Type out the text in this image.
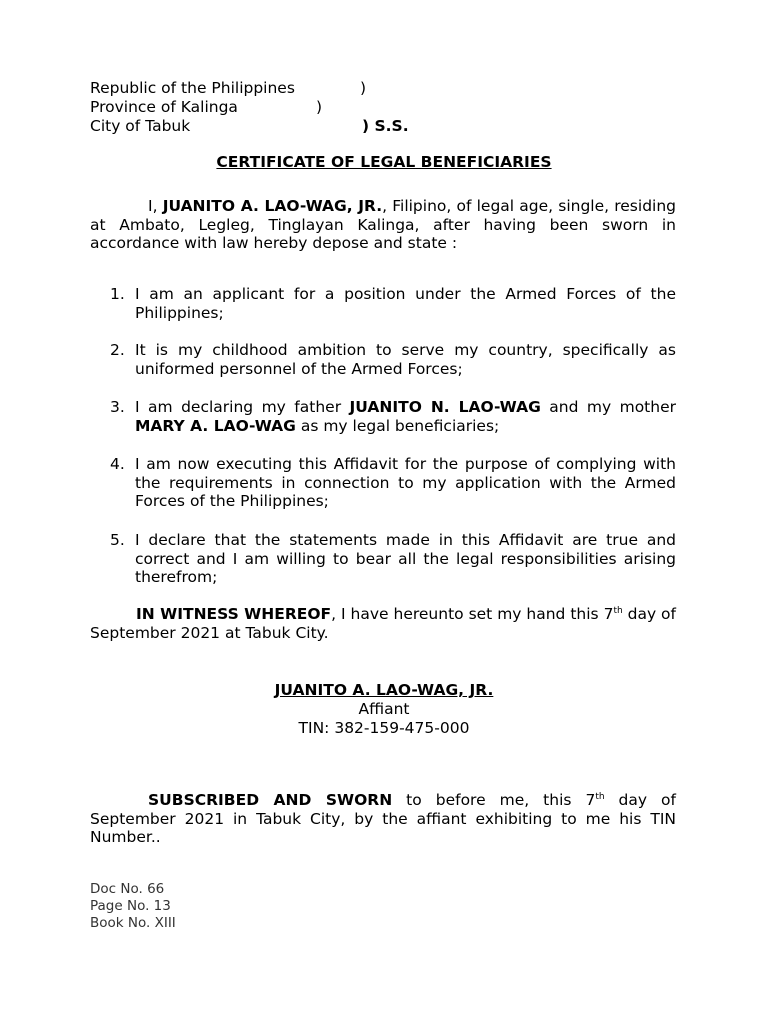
Republic of the Philippines	)
Province of Kalinga	)
City of Tabuk	) S.S.
CERTIFICATE OF LEGAL BENEFICIARIES
I, JUANITO A. LAO-WAG, JR., Filipino, of legal age, single, residing at Ambato, Legleg, Tinglayan Kalinga, after having been sworn in accordance with law hereby depose and state :
1. I am an applicant for a position under the Armed Forces of the Philippines;
2. It is my childhood ambition to serve my country, specifically as uniformed personnel of the Armed Forces;
3. I am declaring my father JUANITO N. LAO-WAG and my mother MARY A. LAO-WAG as my legal beneficiaries;
4. I am now executing this Affidavit for the purpose of complying with the requirements in connection to my application with the Armed Forces of the Philippines;
5. I declare that the statements made in this Affidavit are true and correct and I am willing to bear all the legal responsibilities arising therefrom;
IN WITNESS WHEREOF, I have hereunto set my hand this 7th day of September 2021 at Tabuk City.
JUANITO A. LAO-WAG, JR.
Affiant
TIN: 382-159-475-000
SUBSCRIBED AND SWORN to before me, this 7th day of September 2021 in Tabuk City, by the affiant exhibiting to me his TIN Number..
Doc No. 66
Page No. 13
Book No. XIII
